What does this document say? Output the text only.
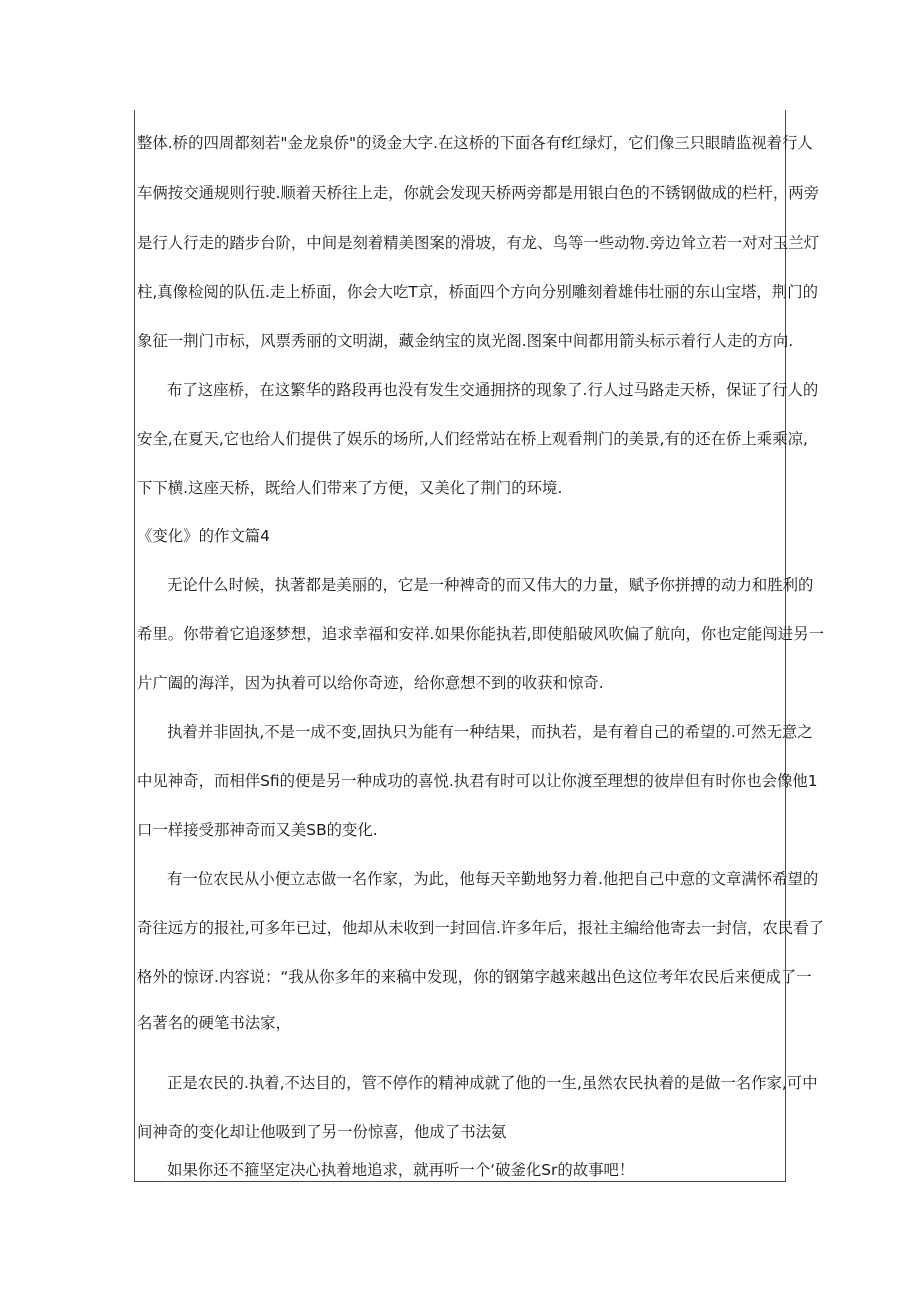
整体.桥的四周都刻若"金龙泉侨"的烫金大字.在这桥的下面各有f红绿灯，它们像三只眼睛监视着行人
车俩按交通规则行驶.顺着天桥往上走，你就会发现天桥两旁都是用银白色的不锈钢做成的栏杆，两旁
是行人行走的踏步台阶，中间是刻着精美图案的滑坡，有龙、鸟等一些动物.旁边耸立若一对对玉兰灯
柱,真像检阅的队伍.走上桥面，你会大吃T京，桥面四个方向分别雕刻着雄伟壮丽的东山宝塔，荆门的
象征一荆门市标，风票秀丽的文明湖，藏金纳宝的岚光阁.图案中间都用箭头标示着行人走的方向.
布了这座桥，在这繁华的路段再也没有发生交通拥挤的现象了.行人过马路走天桥，保证了行人的
安全,在夏天,它也给人们提供了娱乐的场所,人们经常站在桥上观看荆门的美景,有的还在侨上乘乘凉,
下下横.这座天桥，既给人们带来了方便，又美化了荆门的环境.
《变化》的作文篇4
无论什么时候，执著都是美丽的，它是一种裨奇的而又伟大的力量，赋予你拼搏的动力和胜利的
希里。你带着它追逐梦想，追求幸福和安祥.如果你能执若,即使船破风吹偏了航向，你也定能闯进另一
片广阖的海洋，因为执着可以给你奇迹，给你意想不到的收获和惊奇.
执着并非固执,不是一成不变,固执只为能有一种结果，而执若，是有着自己的希望的.可然无意之
中见神奇，而相伴Sfi的便是另一种成功的喜悦.执君有时可以让你渡至理想的彼岸但有时你也会像他1
口一样接受那神奇而又美SB的变化.
有一位农民从小便立志做一名作家，为此，他每天辛勤地努力着.他把自己中意的文章满怀希望的
奇往远方的报社,可多年已过，他却从未收到一封回信.许多年后，报社主编给他寄去一封信，农民看了
格外的惊讶.内容说：“我从你多年的来稿中发现，你的钢第字越来越出色这位考年农民后来便成了一
名著名的硬笔书法家，
正是农民的.执着,不达目的，管不停作的精神成就了他的一生,虽然农民执着的是做一名作家,可中
间神奇的变化却让他吸到了另一份惊喜，他成了书法氨
如果你还不箍坚定决心执着地追求，就再听一个‘破釜化Sr的故事吧！
